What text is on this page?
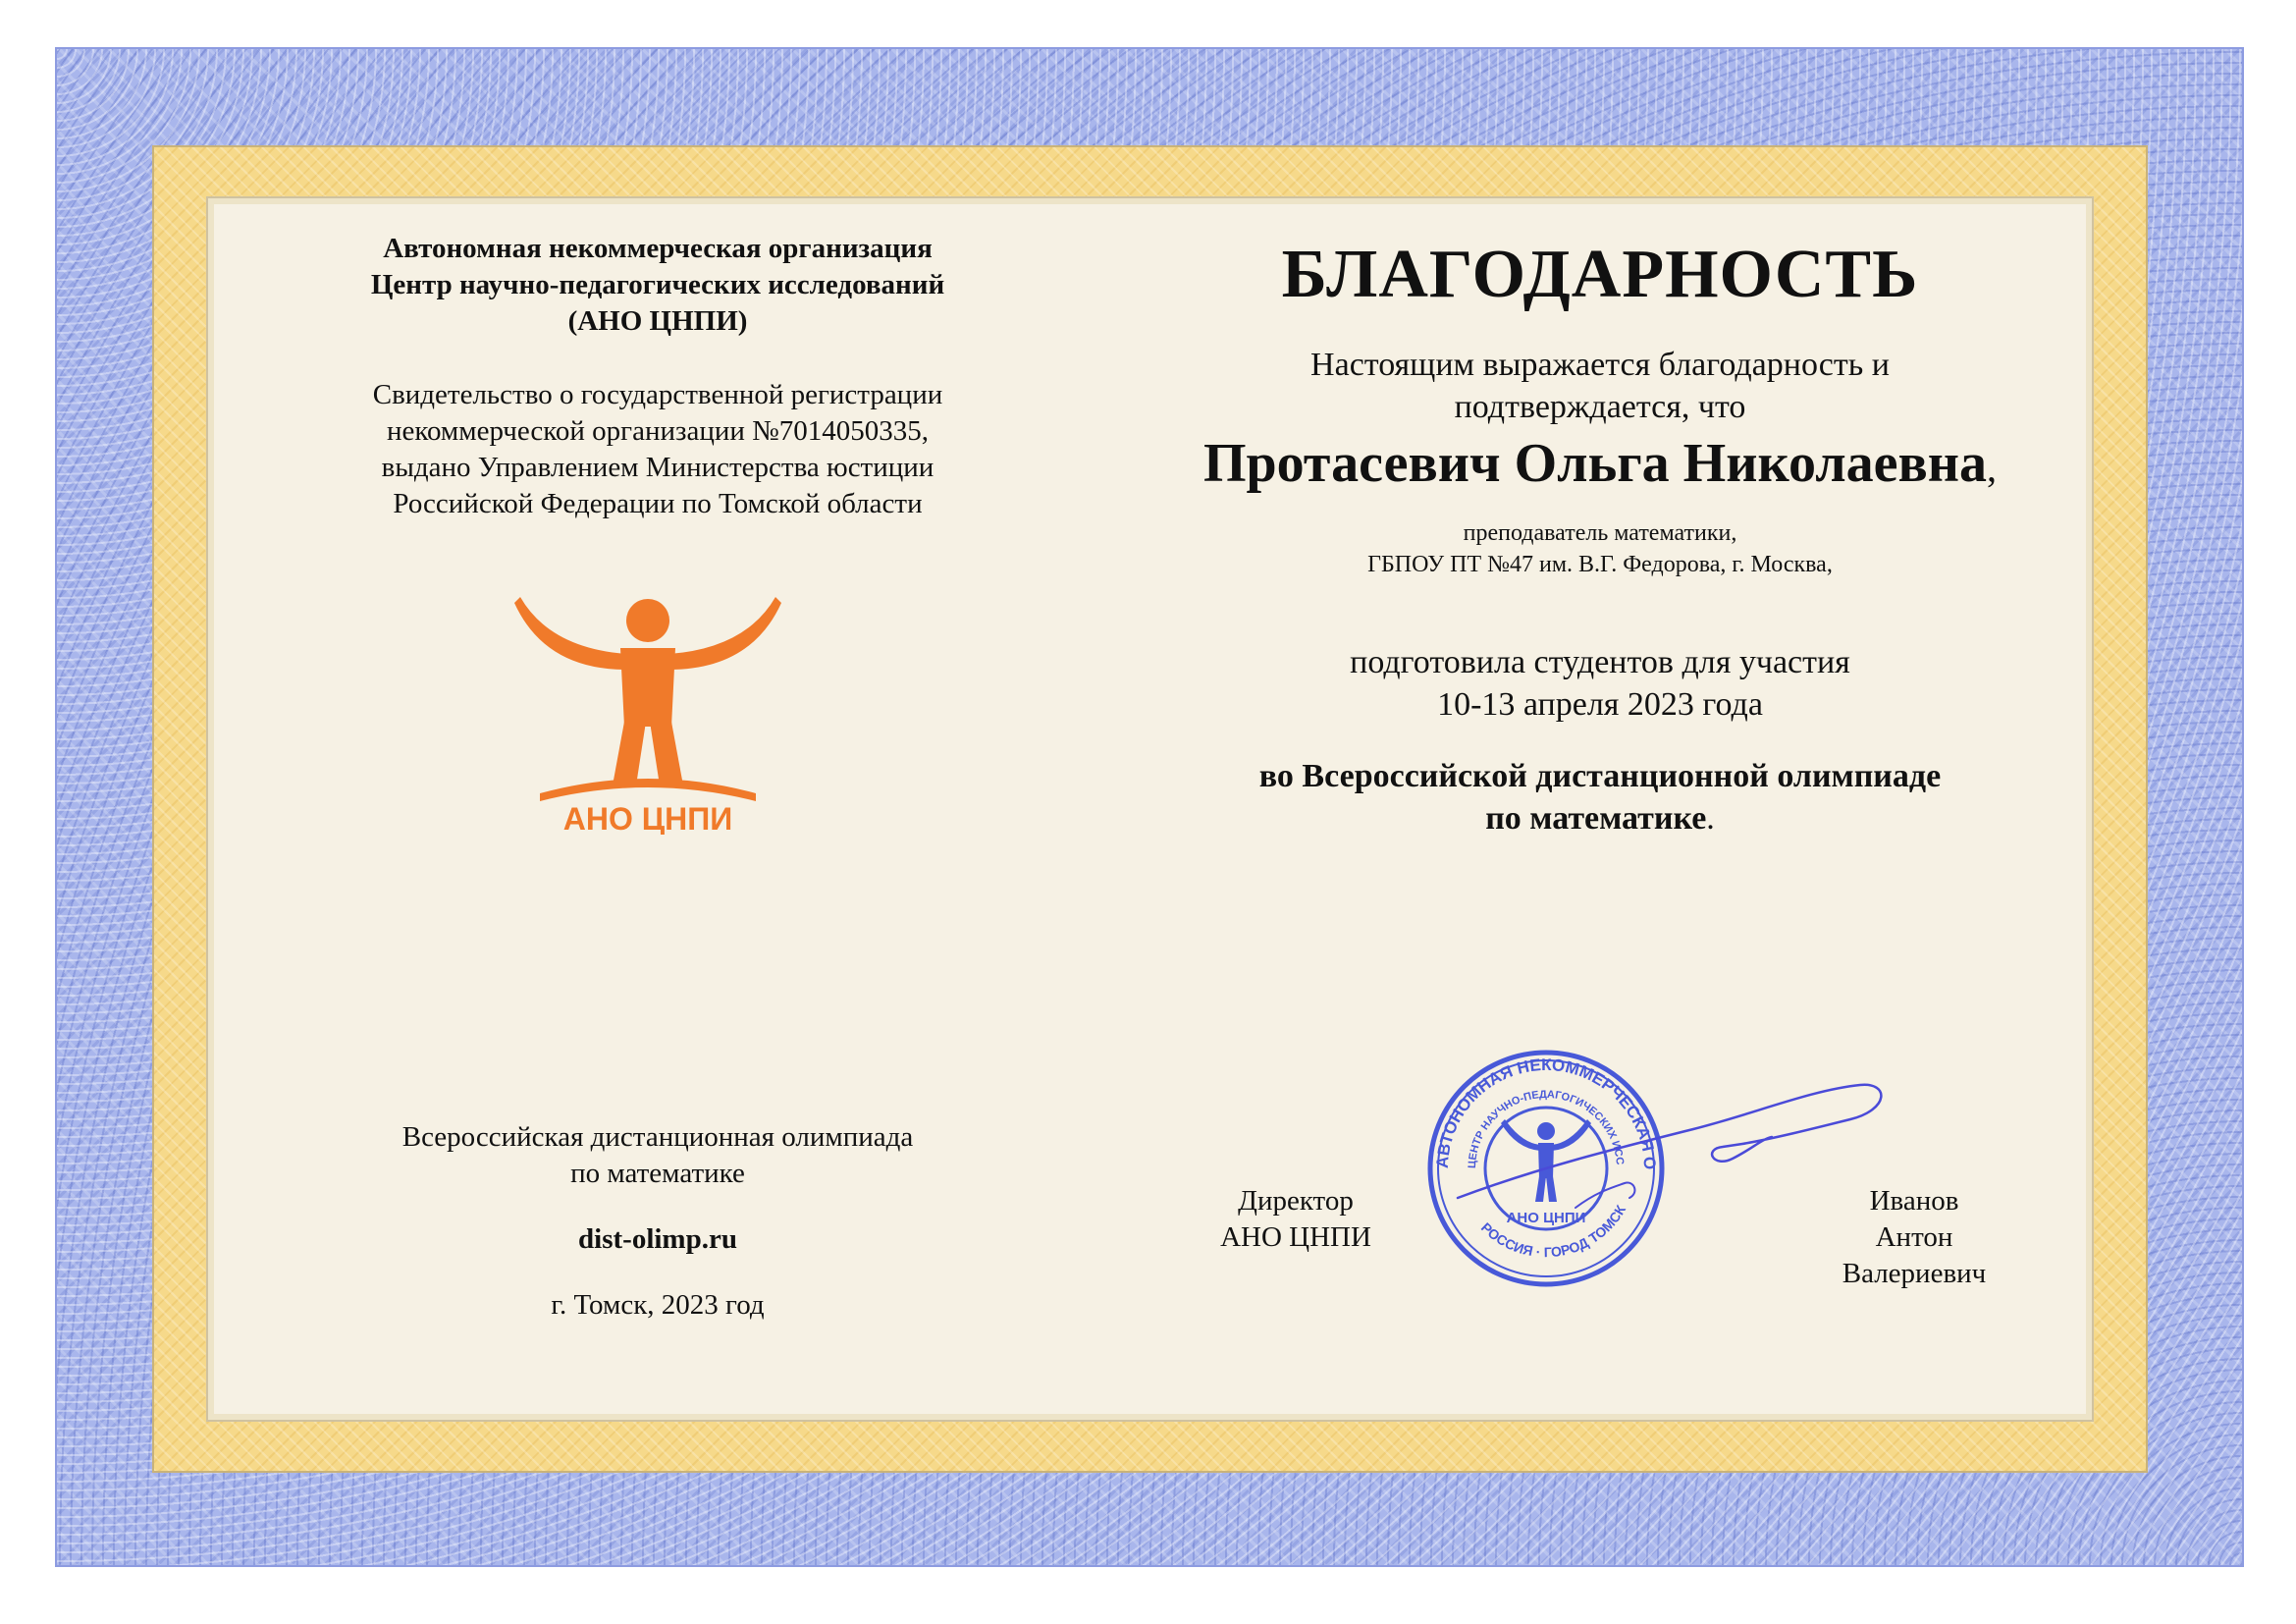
Автономная некоммерческая организация
Центр научно-педагогических исследований
(АНО ЦНПИ)
Свидетельство о государственной регистрации
некоммерческой организации №7014050335,
выдано Управлением Министерства юстиции
Российской Федерации по Томской области
АНО ЦНПИ
Всероссийская дистанционная олимпиада
по математике
dist-olimp.ru
г. Томск, 2023 год
БЛАГОДАРНОСТЬ
Настоящим выражается благодарность и
подтверждается, что
Протасевич Ольга Николаевна,
преподаватель математики,
ГБПОУ ПТ №47 им. В.Г. Федорова, г. Москва,
подготовила студентов для участия
10-13 апреля 2023 года
во Всероссийской дистанционной олимпиаде
по математике.
АВТОНОМНАЯ НЕКОММЕРЧЕСКАЯ О
ЦЕНТР НАУЧНО-ПЕДАГОГИЧЕСКИХ ИСС
РОССИЯ · ГОРОД ТОМСК
АНО ЦНПИ
Директор
АНО ЦНПИ
Иванов
Антон
Валериевич
